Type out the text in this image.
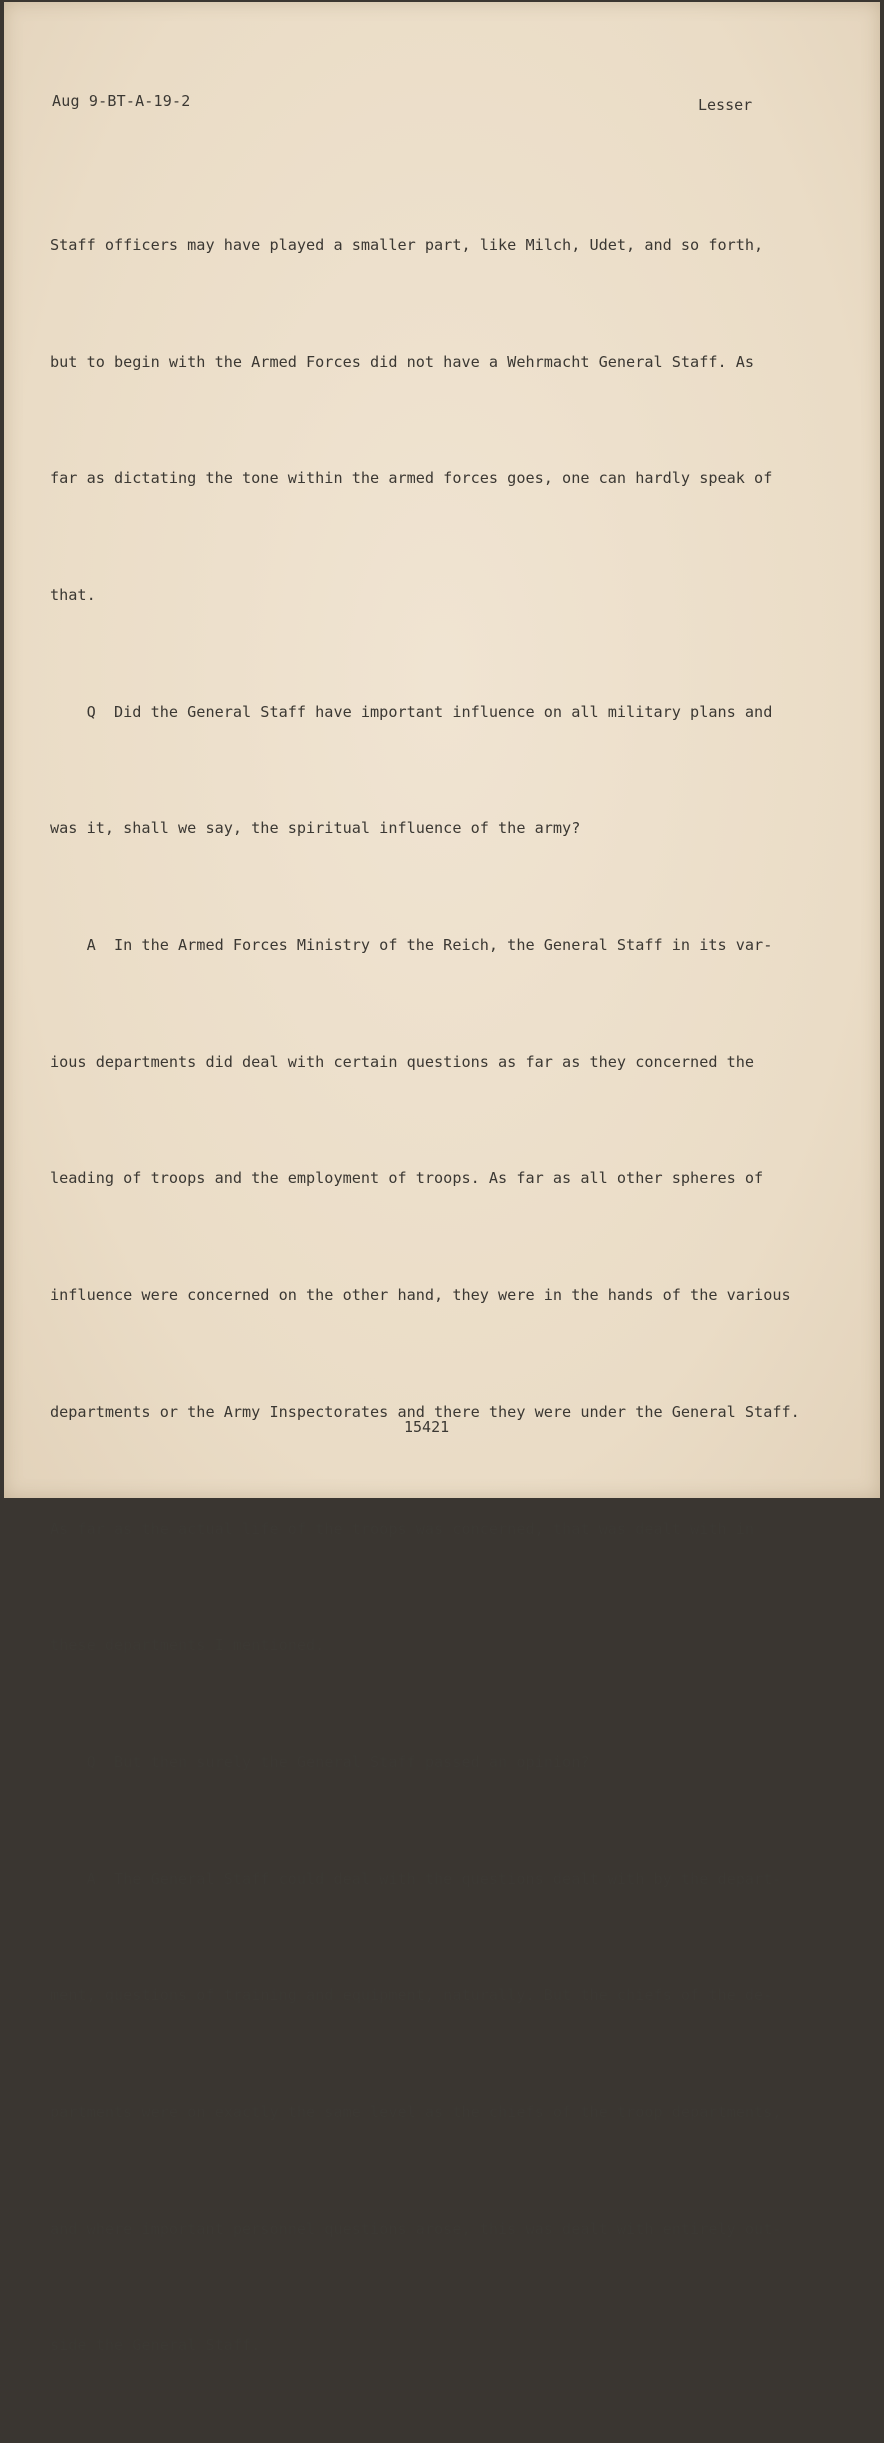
Aug 9-BT-A-19-2	Lesser

Staff officers may have played a smaller part, like Milch, Udet, and so forth,

but to begin with the Armed Forces did not have a Wehrmacht General Staff. As

far as dictating the tone within the armed forces goes, one can hardly speak of

that.

Q  Did the General Staff have important influence on all military plans and

was it, shall we say, the spiritual influence of the army?

A  In the Armed Forces Ministry of the Reich, the General Staff in its var-

ious departments did deal with certain questions as far as they concerned the

leading of troops and the employment of troops. As far as all other spheres of

influence were concerned on the other hand, they were in the hands of the various

departments or the Army Inspectorates and there they were under the General Staff.

As far as the actual life of the troops was concerned, that was dealt with in

these departments I mentioned.

Q  But then surely the General Staff passed an opinion?

A  The General Staff could deal with the questions dealt with by the depart-

ment, questions of training and equipment, naturally. But the chiefs of the de-

partments were on exactly the same level as the chiefs of the troop departments,

and where important personnel questions arose, this was dealt with entirely out-

side the General Staff.

15421
